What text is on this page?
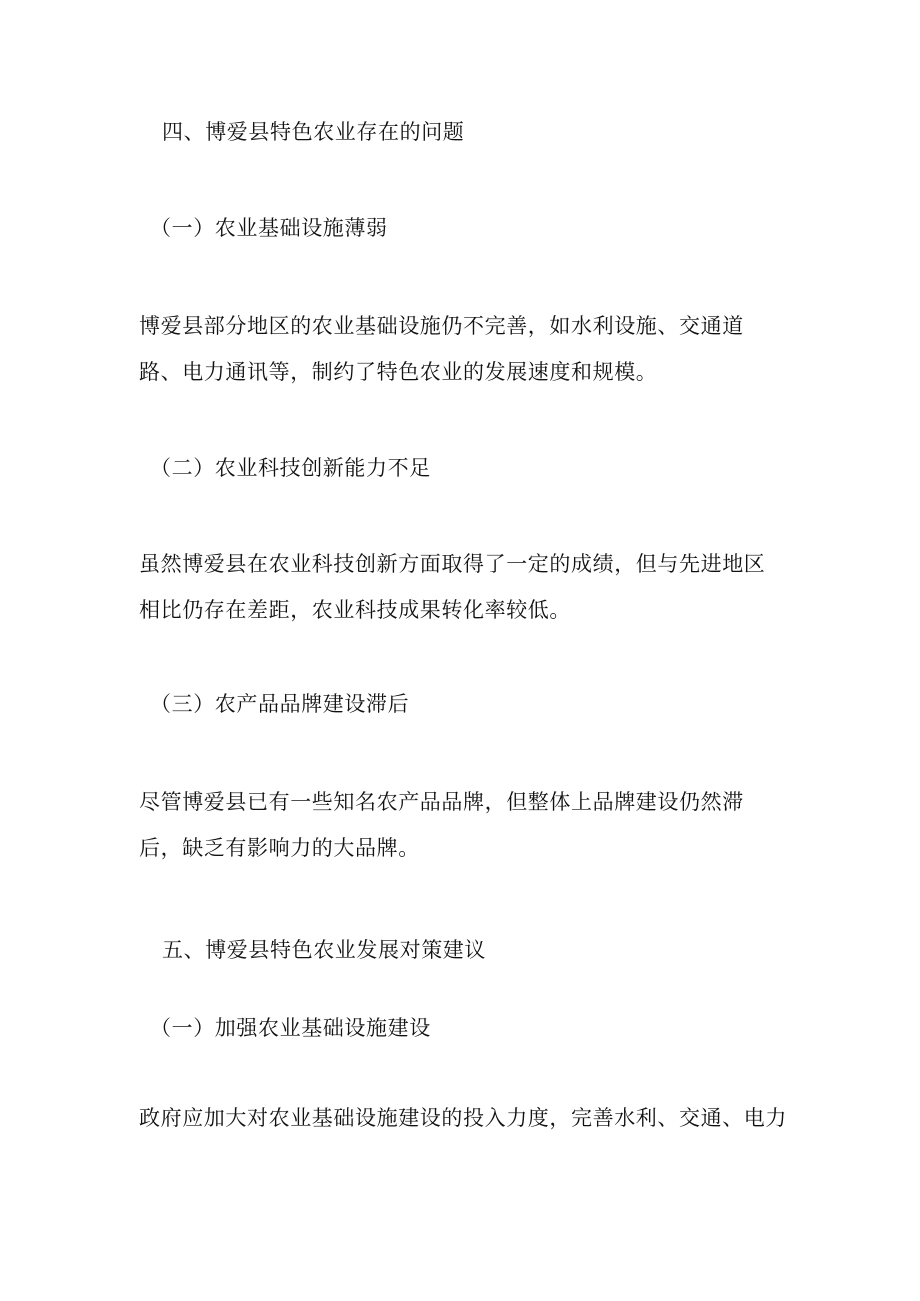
四、博爱县特色农业存在的问题
（一）农业基础设施薄弱
博爱县部分地区的农业基础设施仍不完善，如水利设施、交通道
路、电力通讯等，制约了特色农业的发展速度和规模。
（二）农业科技创新能力不足
虽然博爱县在农业科技创新方面取得了一定的成绩，但与先进地区
相比仍存在差距，农业科技成果转化率较低。
（三）农产品品牌建设滞后
尽管博爱县已有一些知名农产品品牌，但整体上品牌建设仍然滞
后，缺乏有影响力的大品牌。
五、博爱县特色农业发展对策建议
（一）加强农业基础设施建设
政府应加大对农业基础设施建设的投入力度，完善水利、交通、电力
